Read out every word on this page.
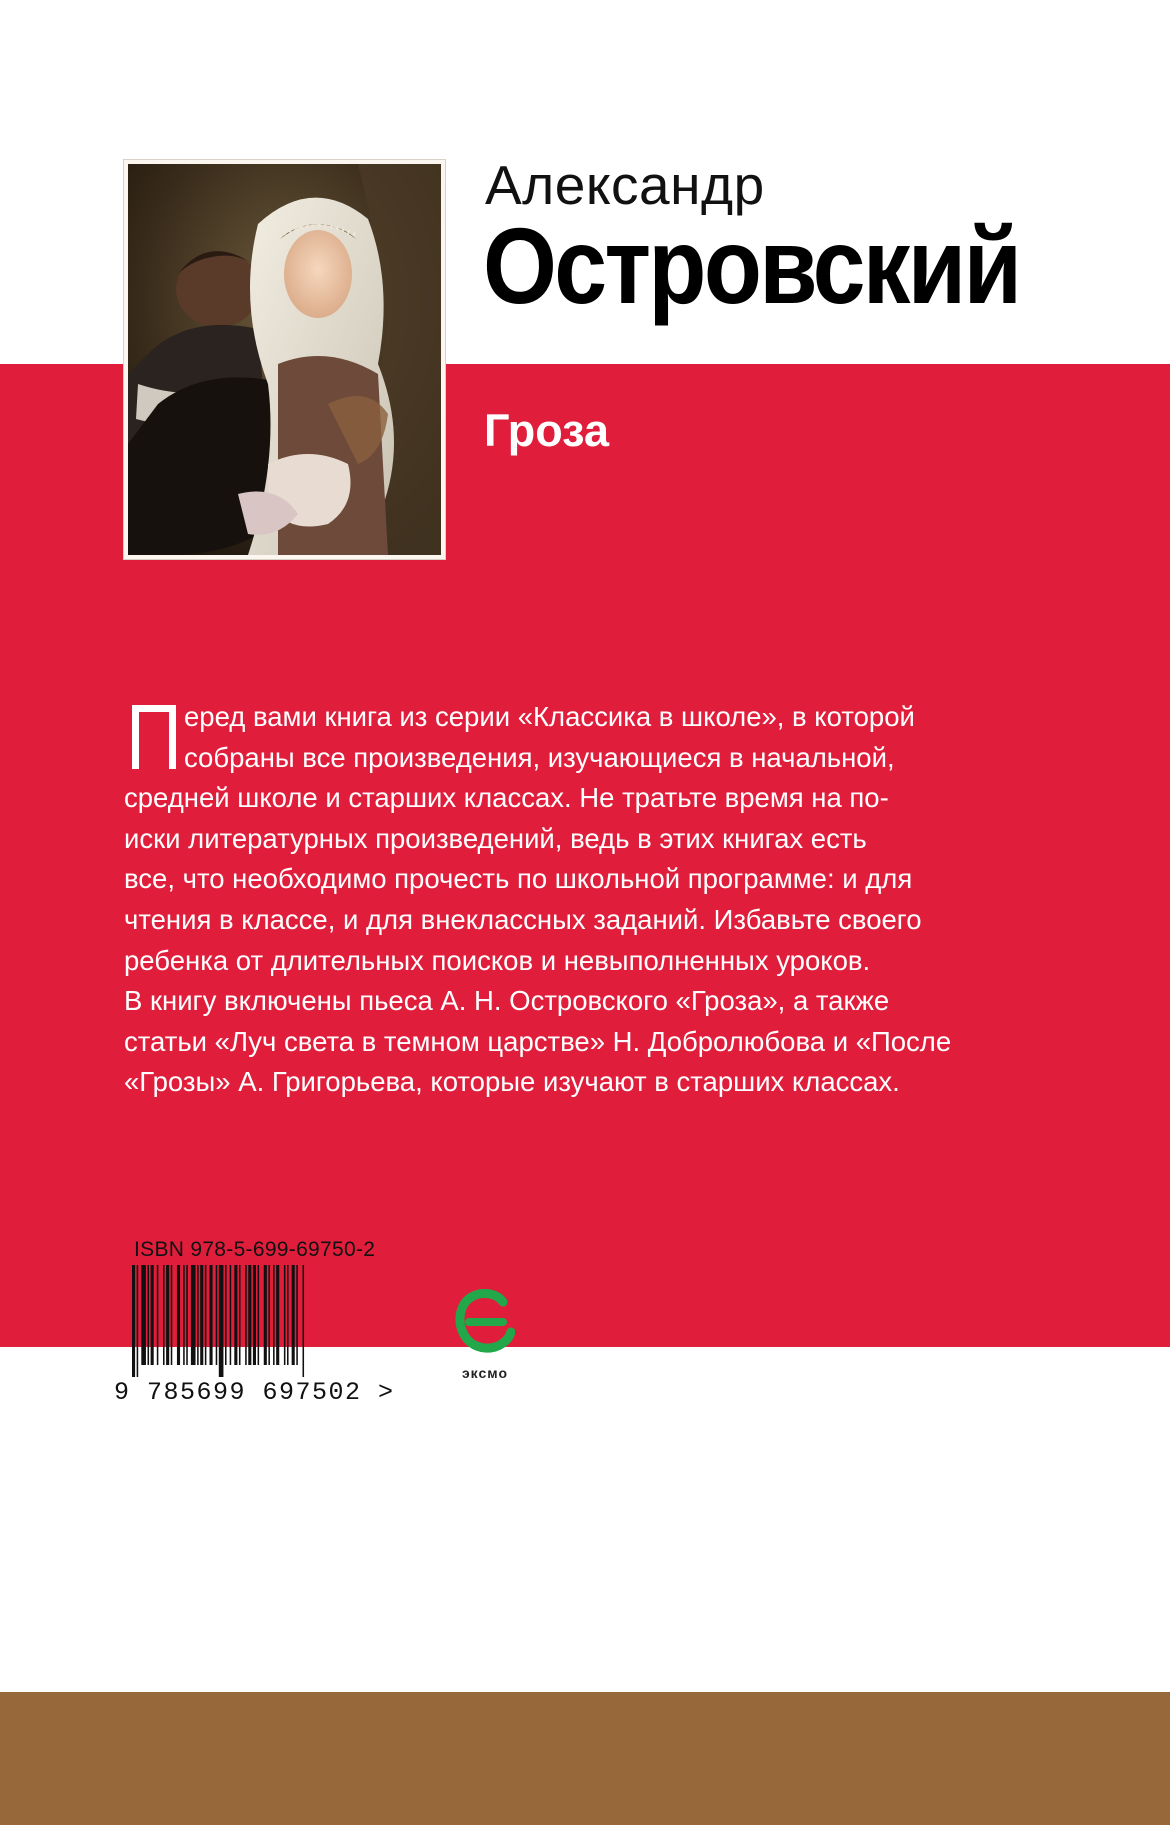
Александр
Островский
Гроза

еред вами книга из серии «Классика в школе», в которой

собраны все произведения, изучающиеся в начальной,
средней школе и старших классах. Не тратьте время на по-
иски литературных произведений, ведь в этих книгах есть
все, что необходимо прочесть по школьной программе: и для
чтения в классе, и для внеклассных заданий. Избавьте своего
ребенка от длительных поисков и невыполненных уроков.

В книгу включены пьеса А. Н. Островского «Гроза», а также
статьи «Луч света в темном царстве» Н. Добролюбова и «После
«Грозы» А. Григорьева, которые изучают в старших классах.

ISBN 978-5-699-69750-2
9 785699 697502 >
эксмо
